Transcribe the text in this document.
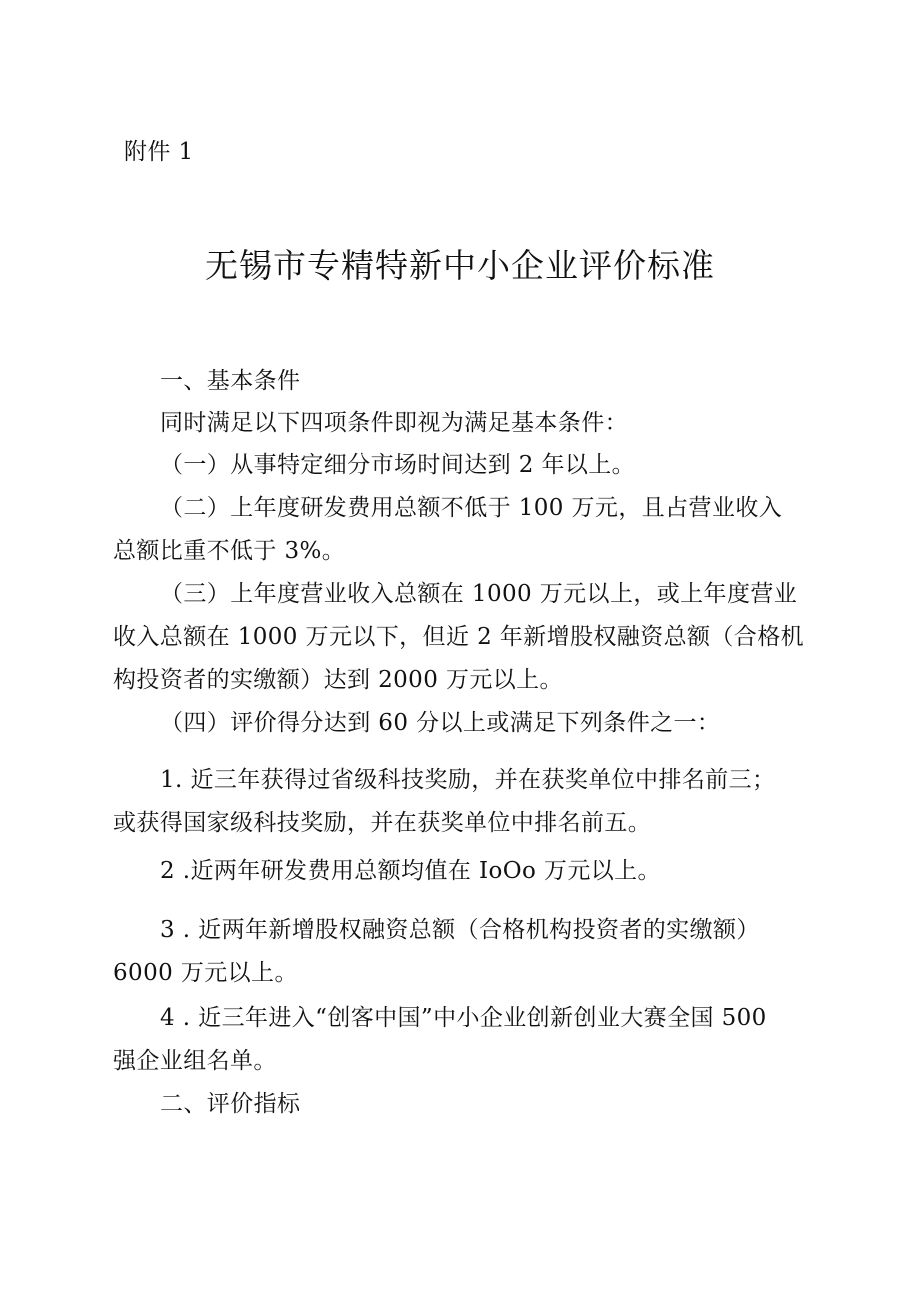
附件 1
无锡市专精特新中小企业评价标准
一、基本条件
同时满足以下四项条件即视为满足基本条件：
（一）从事特定细分市场时间达到 2 年以上。
（二）上年度研发费用总额不低于 100 万元，且占营业收入
总额比重不低于 3%。
（三）上年度营业收入总额在 1000 万元以上，或上年度营业
收入总额在 1000 万元以下，但近 2 年新增股权融资总额（合格机
构投资者的实缴额）达到 2000 万元以上。
（四）评价得分达到 60 分以上或满足下列条件之一：
1. 近三年获得过省级科技奖励，并在获奖单位中排名前三；
或获得国家级科技奖励，并在获奖单位中排名前五。
2 .近两年研发费用总额均值在 IoOo 万元以上。
3 . 近两年新增股权融资总额（合格机构投资者的实缴额）
6000 万元以上。
4 . 近三年进入“创客中国”中小企业创新创业大赛全国 500
强企业组名单。
二、评价指标
